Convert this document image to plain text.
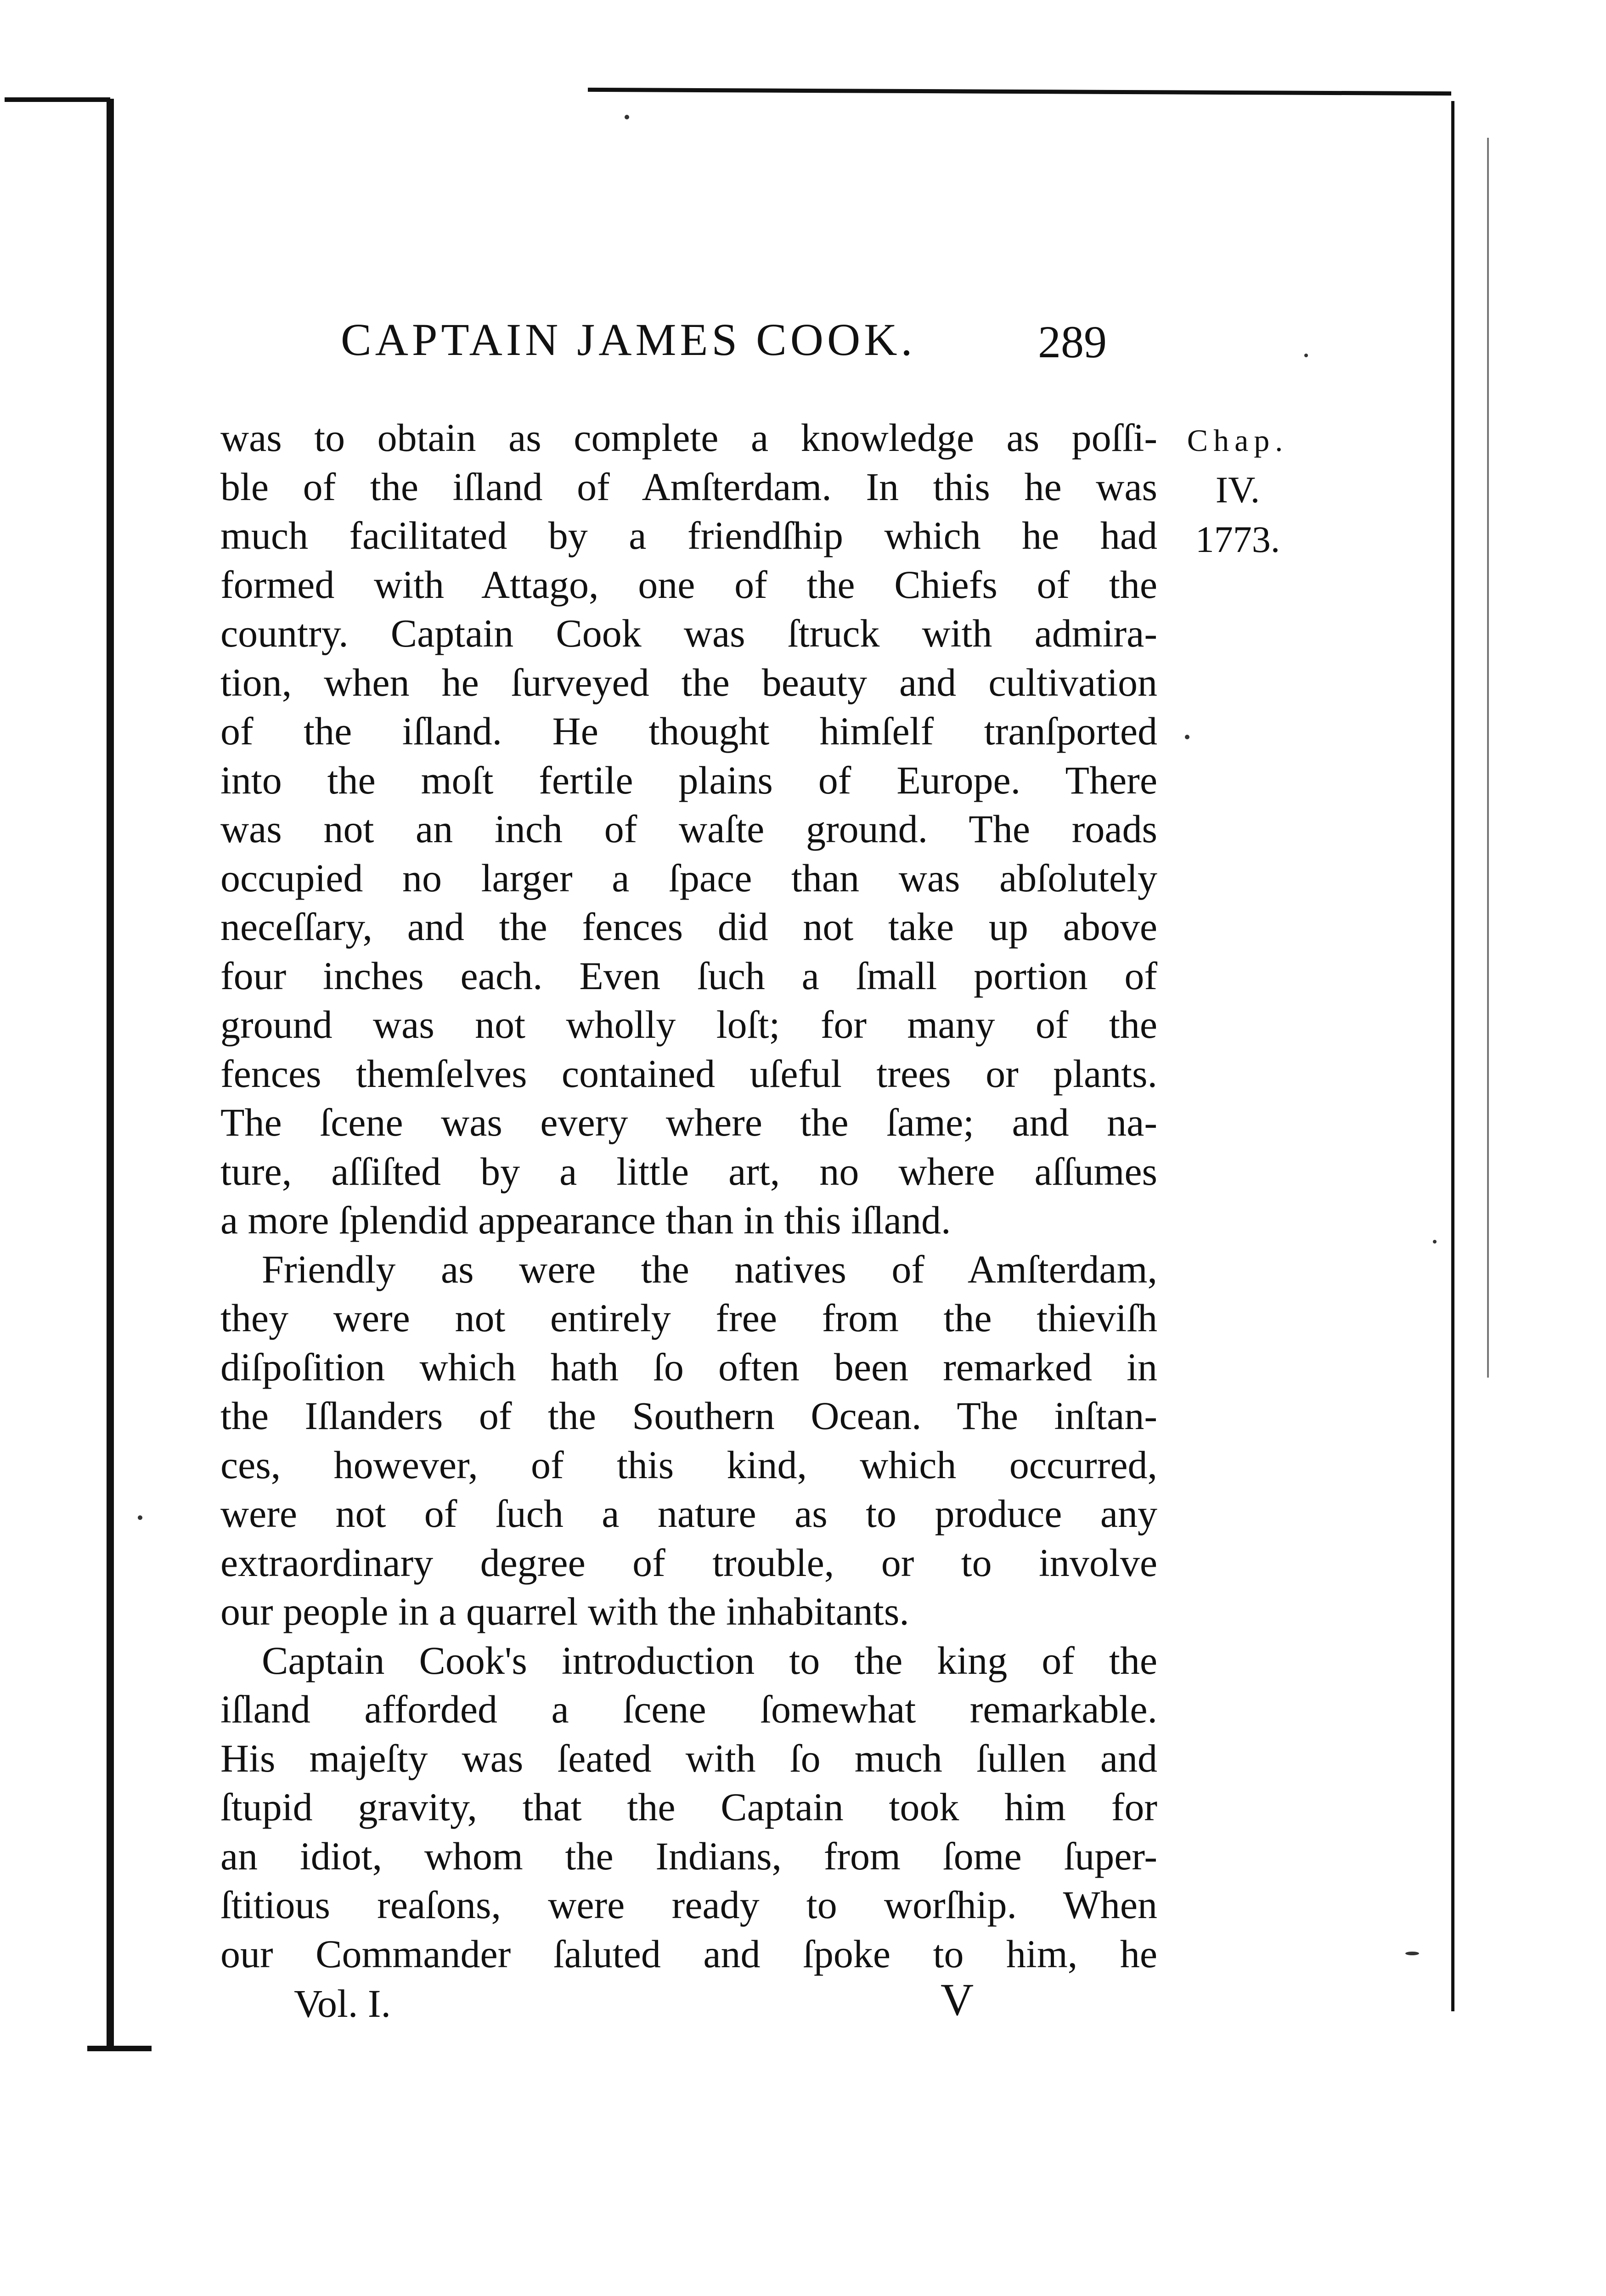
CAPTAIN JAMES COOK.	289
was to obtain as complete a knowledge as poſſi-
ble of the iſland of Amſterdam. In this he was
much facilitated by a friendſhip which he had
formed with Attago, one of the Chiefs of the
country. Captain Cook was ſtruck with admira-
tion, when he ſurveyed the beauty and cultivation
of the iſland. He thought himſelf tranſported
into the moſt fertile plains of Europe. There
was not an inch of waſte ground. The roads
occupied no larger a ſpace than was abſolutely
neceſſary, and the fences did not take up above
four inches each. Even ſuch a ſmall portion of
ground was not wholly loſt; for many of the
fences themſelves contained uſeful trees or plants.
The ſcene was every where the ſame; and na-
ture, aſſiſted by a little art, no where aſſumes
a more ſplendid appearance than in this iſland.
Friendly as were the natives of Amſterdam,
they were not entirely free from the thieviſh
diſpoſition which hath ſo often been remarked in
the Iſlanders of the Southern Ocean. The inſtan-
ces, however, of this kind, which occurred,
were not of ſuch a nature as to produce any
extraordinary degree of trouble, or to involve
our people in a quarrel with the inhabitants.
Captain Cook's introduction to the king of the
iſland afforded a ſcene ſomewhat remarkable.
His majeſty was ſeated with ſo much ſullen and
ſtupid gravity, that the Captain took him for
an idiot, whom the Indians, from ſome ſuper-
ſtitious reaſons, were ready to worſhip. When
our Commander ſaluted and ſpoke to him, he
Chap.
IV.
1773.
Vol. I.	V
